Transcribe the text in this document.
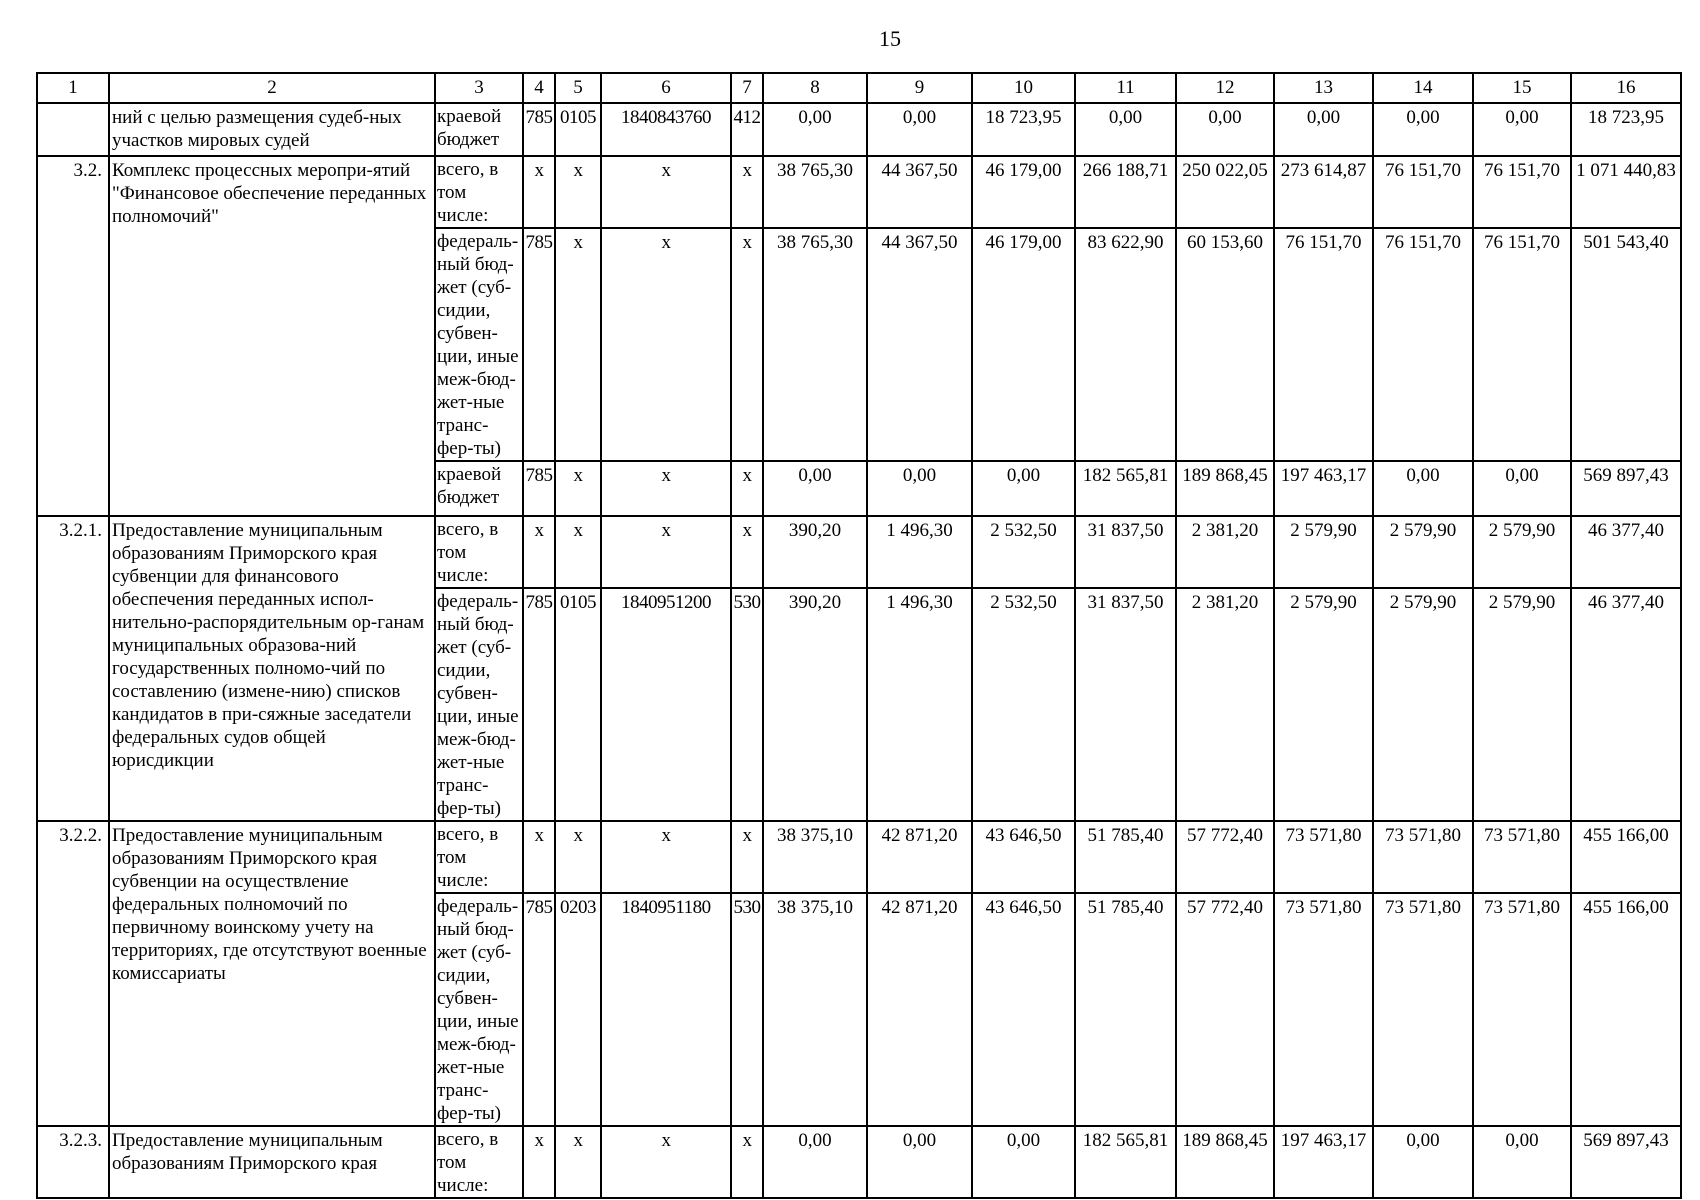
15
1	2	3	4	5	6	7	8	9	10	11	12	13	14	15	16
	ний с целью размещения судеб-ных участков мировых судей	краевой бюджет	785	0105	1840843760	412	0,00	0,00	18 723,95	0,00	0,00	0,00	0,00	0,00	18 723,95
3.2.	Комплекс процессных меропри-ятий "Финансовое обеспечение переданных полномочий"	всего, в том числе:	x	x	x	x	38 765,30	44 367,50	46 179,00	266 188,71	250 022,05	273 614,87	76 151,70	76 151,70	1 071 440,83
		федераль-ный бюд-жет (суб-сидии, субвен-ции, иные меж-бюд-жет-ные транс-фер-ты)	785	x	x	x	38 765,30	44 367,50	46 179,00	83 622,90	60 153,60	76 151,70	76 151,70	76 151,70	501 543,40
		краевой бюджет	785	x	x	x	0,00	0,00	0,00	182 565,81	189 868,45	197 463,17	0,00	0,00	569 897,43
3.2.1.	Предоставление муниципальным образованиям Приморского края субвенции для финансового обеспечения переданных испол-нительно-распорядительным ор-ганам муниципальных образова-ний государственных полномо-чий по составлению (измене-нию) списков кандидатов в при-сяжные заседатели федеральных судов общей юрисдикции	всего, в том числе:	x	x	x	x	390,20	1 496,30	2 532,50	31 837,50	2 381,20	2 579,90	2 579,90	2 579,90	46 377,40
		федераль-ный бюд-жет (суб-сидии, субвен-ции, иные меж-бюд-жет-ные транс-фер-ты)	785	0105	1840951200	530	390,20	1 496,30	2 532,50	31 837,50	2 381,20	2 579,90	2 579,90	2 579,90	46 377,40
3.2.2.	Предоставление муниципальным образованиям Приморского края субвенции на осуществление федеральных полномочий по первичному воинскому учету на территориях, где отсутствуют военные комиссариаты	всего, в том числе:	x	x	x	x	38 375,10	42 871,20	43 646,50	51 785,40	57 772,40	73 571,80	73 571,80	73 571,80	455 166,00
		федераль-ный бюд-жет (суб-сидии, субвен-ции, иные меж-бюд-жет-ные транс-фер-ты)	785	0203	1840951180	530	38 375,10	42 871,20	43 646,50	51 785,40	57 772,40	73 571,80	73 571,80	73 571,80	455 166,00
3.2.3.	Предоставление муниципальным образованиям Приморского края	всего, в том числе:	x	x	x	x	0,00	0,00	0,00	182 565,81	189 868,45	197 463,17	0,00	0,00	569 897,43
